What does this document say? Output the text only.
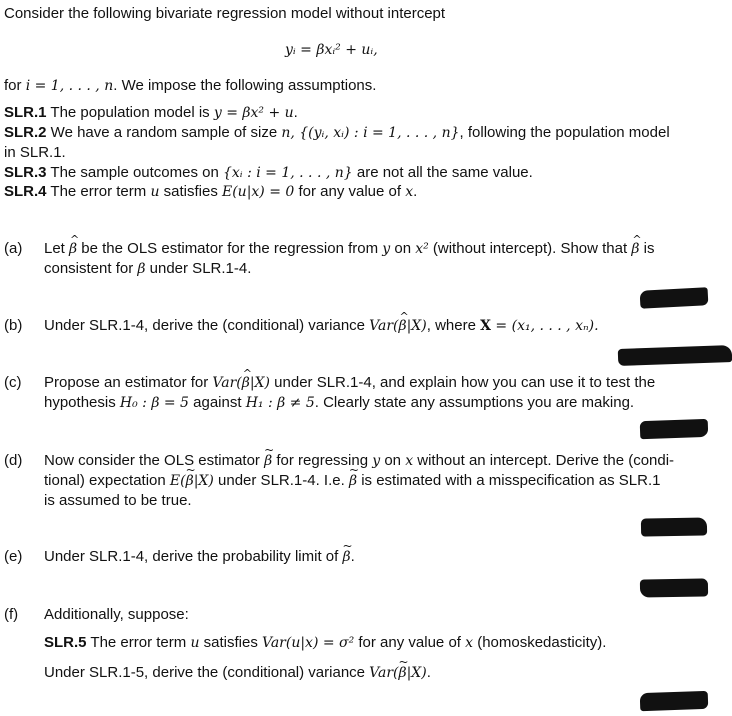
Consider the following bivariate regression model without intercept
yᵢ = βxᵢ² + uᵢ,
for i = 1, . . . , n. We impose the following assumptions.
SLR.1 The population model is y = βx² + u.
SLR.2 We have a random sample of size n, {(yᵢ, xᵢ) : i = 1, . . . , n}, following the population model
in SLR.1.
SLR.3 The sample outcomes on {xᵢ : i = 1, . . . , n} are not all the same value.
SLR.4 The error term u satisfies E(u|x) = 0 for any value of x.
(a)	Let β ^ be the OLS estimator for the regression from y on x² (without intercept). Show that β ^ is
consistent for β under SLR.1-4.
(b)	Under SLR.1-4, derive the (conditional) variance Var(β ^|X), where X = (x₁, . . . , xₙ).
(c)	Propose an estimator for Var(β ^|X) under SLR.1-4, and explain how you can use it to test the
hypothesis H₀ : β = 5 against H₁ : β ≠ 5. Clearly state any assumptions you are making.
(d)	Now consider the OLS estimator β ~ for regressing y on x without an intercept. Derive the (condi-
tional) expectation E(β ~|X) under SLR.1-4. I.e. β ~ is estimated with a misspecification as SLR.1
is assumed to be true.
(e)	Under SLR.1-4, derive the probability limit of β ~.
(f)	Additionally, suppose:
SLR.5 The error term u satisfies Var(u|x) = σ² for any value of x (homoskedasticity).
Under SLR.1-5, derive the (conditional) variance Var(β ~|X).
